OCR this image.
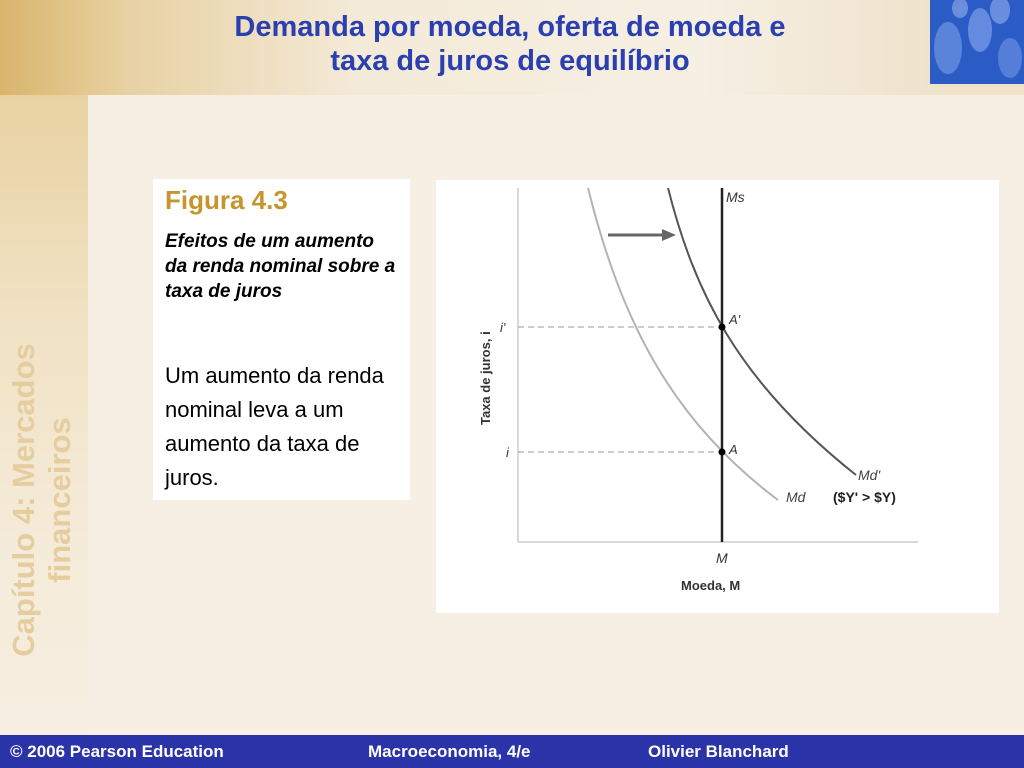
Demanda por moeda, oferta de moeda e
taxa de juros de equilíbrio
Capítulo 4: Mercados financeiros
Figura 4.3
Efeitos de um aumento da renda nominal sobre a taxa de juros
Um aumento da renda nominal leva a um aumento da taxa de juros.
Ms
A'
A
i'
i
M
Moeda, M
Taxa de juros, i
Md
Md'
($Y' > $Y)
© 2006 Pearson Education	Macroeconomia, 4/e	Olivier Blanchard
